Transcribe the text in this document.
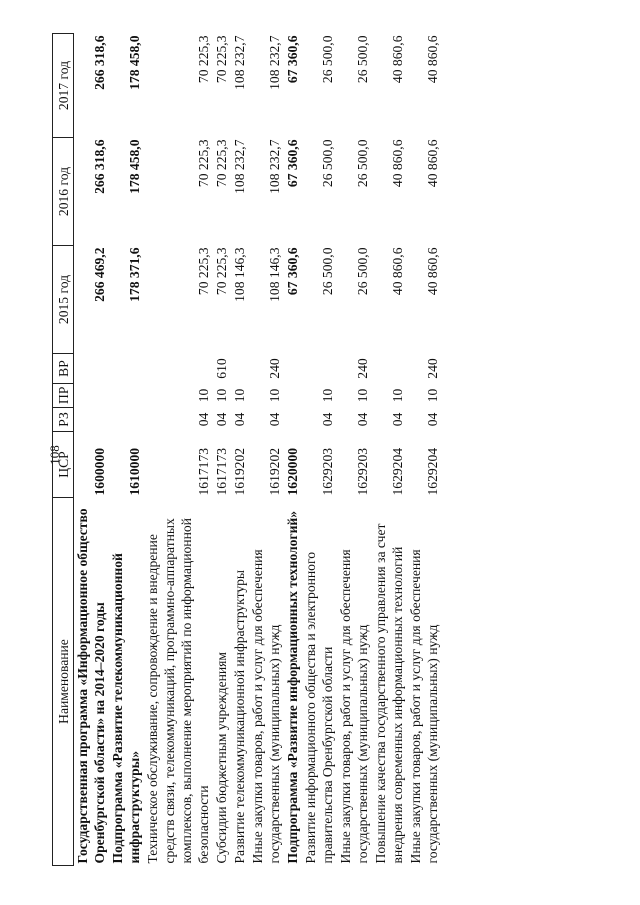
108
Наименование	ЦСР	РЗ	ПР	ВР	2015 год	2016 год	2017 год
Государственная программа «Информационное общество Оренбургской области» на 2014–2020 годы	1600000				266 469,2	266 318,6	266 318,6
Подпрограмма «Развитие телекоммуникационной инфраструктуры»	1610000				178 371,6	178 458,0	178 458,0
Техническое обслуживание, сопровождение и внедрение средств связи, телекоммуникаций, программно-аппаратных комплексов, выполнение мероприятий по информационной безопасности	1617173	04	10		70 225,3	70 225,3	70 225,3
Субсидии бюджетным учреждениям	1617173	04	10	610	70 225,3	70 225,3	70 225,3
Развитие телекоммуникационной инфраструктуры	1619202	04	10		108 146,3	108 232,7	108 232,7
Иные закупки товаров, работ и услуг для обеспечения государственных (муниципальных) нужд	1619202	04	10	240	108 146,3	108 232,7	108 232,7
Подпрограмма «Развитие информационных технологий»	1620000				67 360,6	67 360,6	67 360,6
Развитие информационного общества и электронного правительства Оренбургской области	1629203	04	10		26 500,0	26 500,0	26 500,0
Иные закупки товаров, работ и услуг для обеспечения государственных (муниципальных) нужд	1629203	04	10	240	26 500,0	26 500,0	26 500,0
Повышение качества государственного управления за счет внедрения современных информационных технологий	1629204	04	10		40 860,6	40 860,6	40 860,6
Иные закупки товаров, работ и услуг для обеспечения государственных (муниципальных) нужд	1629204	04	10	240	40 860,6	40 860,6	40 860,6
